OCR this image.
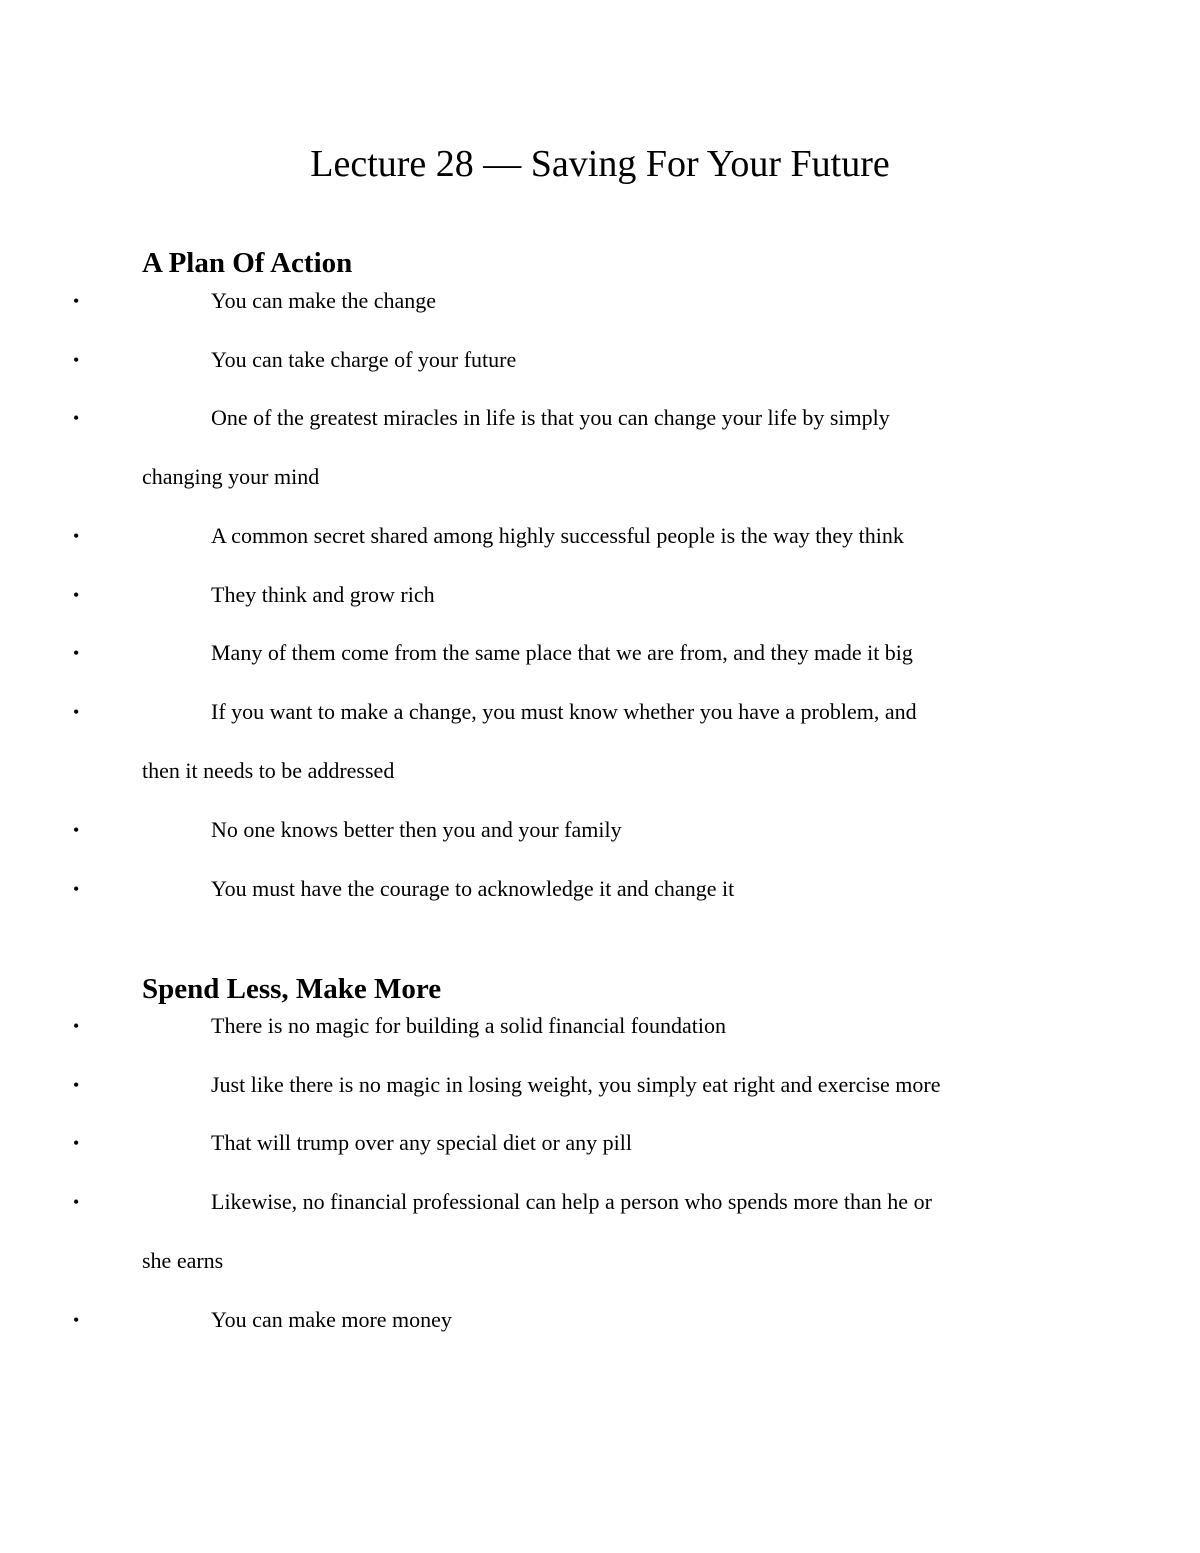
Lecture 28 — Saving For Your Future
A Plan Of Action
•	You can make the change
•	You can take charge of your future
•	One of the greatest miracles in life is that you can change your life by simply
changing your mind
•	A common secret shared among highly successful people is the way they think
•	They think and grow rich
•	Many of them come from the same place that we are from, and they made it big
•	If you want to make a change, you must know whether you have a problem, and
then it needs to be addressed
•	No one knows better then you and your family
•	You must have the courage to acknowledge it and change it
Spend Less, Make More
•	There is no magic for building a solid financial foundation
•	Just like there is no magic in losing weight, you simply eat right and exercise more
•	That will trump over any special diet or any pill
•	Likewise, no financial professional can help a person who spends more than he or
she earns
•	You can make more money
